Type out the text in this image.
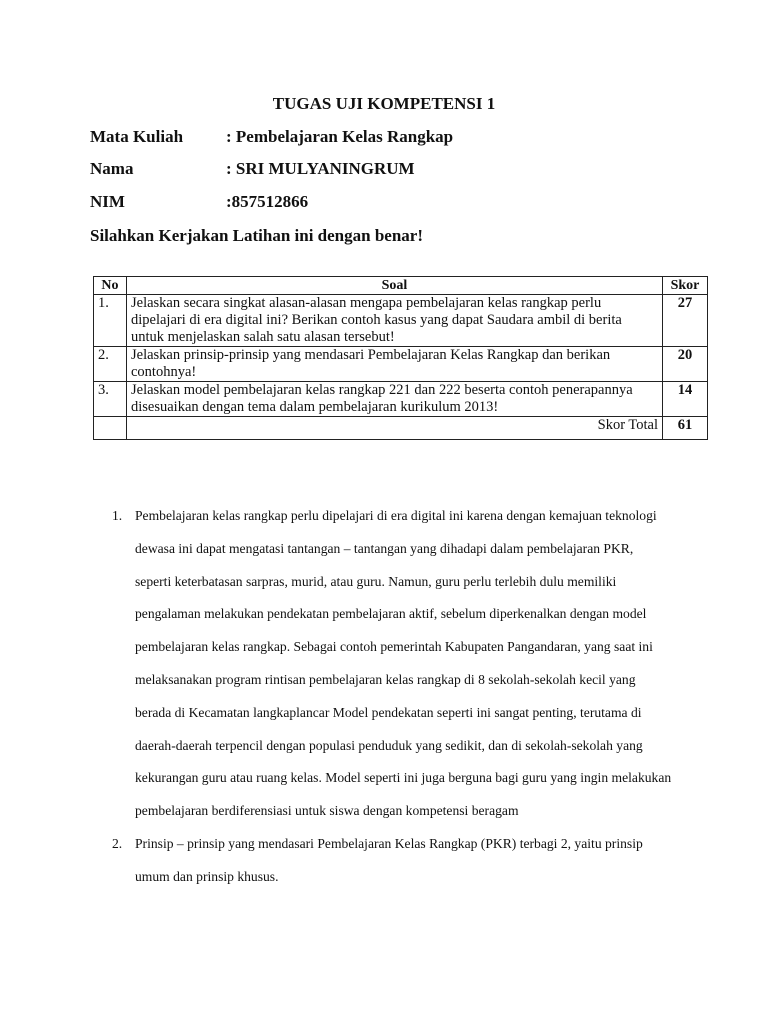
TUGAS UJI KOMPETENSI 1
Mata Kuliah	: Pembelajaran Kelas Rangkap
Nama	: SRI MULYANINGRUM
NIM	:857512866
Silahkan Kerjakan Latihan ini dengan benar!
No	Soal	Skor
1.	Jelaskan secara singkat alasan-alasan mengapa pembelajaran kelas rangkap perlu dipelajari di era digital ini? Berikan contoh kasus yang dapat Saudara ambil di berita untuk menjelaskan salah satu alasan tersebut!	27
2.	Jelaskan prinsip-prinsip yang mendasari Pembelajaran Kelas Rangkap dan berikan contohnya!	20
3.	Jelaskan model pembelajaran kelas rangkap 221 dan 222 beserta contoh penerapannya disesuaikan dengan tema dalam pembelajaran kurikulum 2013!	14
	Skor Total	61
1. Pembelajaran kelas rangkap perlu dipelajari di era digital ini karena dengan kemajuan teknologi dewasa ini dapat mengatasi tantangan – tantangan yang dihadapi dalam pembelajaran PKR, seperti keterbatasan sarpras, murid, atau guru. Namun, guru perlu terlebih dulu memiliki pengalaman melakukan pendekatan pembelajaran aktif, sebelum diperkenalkan dengan model pembelajaran kelas rangkap. Sebagai contoh pemerintah Kabupaten Pangandaran, yang saat ini melaksanakan program rintisan pembelajaran kelas rangkap di 8 sekolah-sekolah kecil yang berada di Kecamatan langkaplancar Model pendekatan seperti ini sangat penting, terutama di daerah-daerah terpencil dengan populasi penduduk yang sedikit, dan di sekolah-sekolah yang kekurangan guru atau ruang kelas. Model seperti ini juga berguna bagi guru yang ingin melakukan pembelajaran berdiferensiasi untuk siswa dengan kompetensi beragam
2. Prinsip – prinsip yang mendasari Pembelajaran Kelas Rangkap (PKR) terbagi 2, yaitu prinsip umum dan prinsip khusus.
